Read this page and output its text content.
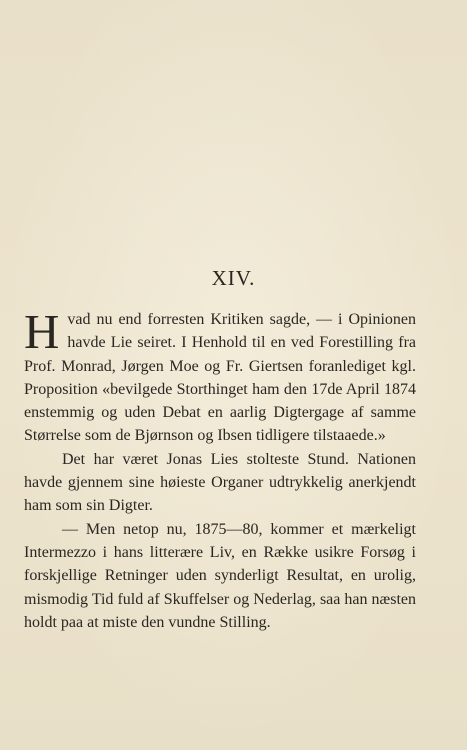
XIV.

Hvad nu end forresten Kritiken sagde, — i Opinionen havde Lie seiret. I Henhold til en ved Forestilling fra Prof. Monrad, Jørgen Moe og Fr. Giertsen foranlediget kgl. Proposition «bevilgede Storthinget ham den 17de April 1874 enstemmig og uden Debat en aarlig Digtergage af samme Størrelse som de Bjørnson og Ibsen tidligere tilstaaede.»

Det har været Jonas Lies stolteste Stund. Nationen havde gjennem sine høieste Organer udtrykkelig anerkjendt ham som sin Digter.

— Men netop nu, 1875—80, kommer et mærkeligt Intermezzo i hans litterære Liv, en Række usikre Forsøg i forskjellige Retninger uden synderligt Resultat, en urolig, mismodig Tid fuld af Skuffelser og Nederlag, saa han næsten holdt paa at miste den vundne Stilling.
